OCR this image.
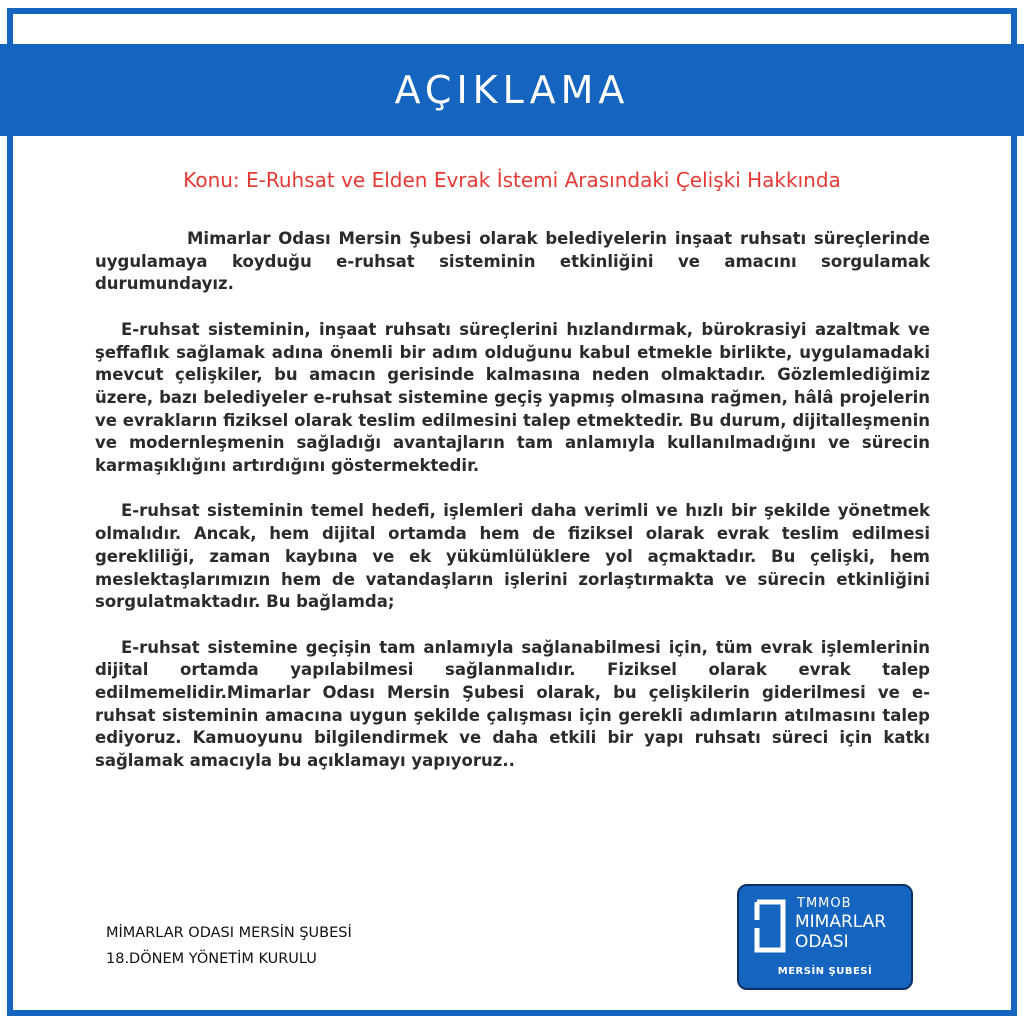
AÇIKLAMA
Konu: E-Ruhsat ve Elden Evrak İstemi Arasındaki Çelişki Hakkında

Mimarlar Odası Mersin Şubesi olarak belediyelerin inşaat ruhsatı süreçlerinde uygulamaya koyduğu e-ruhsat sisteminin etkinliğini ve amacını sorgulamak durumundayız.

E-ruhsat sisteminin, inşaat ruhsatı süreçlerini hızlandırmak, bürokrasiyi azaltmak ve şeffaflık sağlamak adına önemli bir adım olduğunu kabul etmekle birlikte, uygulamadaki mevcut çelişkiler, bu amacın gerisinde kalmasına neden olmaktadır. Gözlemlediğimiz üzere, bazı belediyeler e-ruhsat sistemine geçiş yapmış olmasına rağmen, hâlâ projelerin ve evrakların fiziksel olarak teslim edilmesini talep etmektedir. Bu durum, dijitalleşmenin ve modernleşmenin sağladığı avantajların tam anlamıyla kullanılmadığını ve sürecin karmaşıklığını artırdığını göstermektedir.

E-ruhsat sisteminin temel hedefi, işlemleri daha verimli ve hızlı bir şekilde yönetmek olmalıdır. Ancak, hem dijital ortamda hem de fiziksel olarak evrak teslim edilmesi gerekliliği, zaman kaybına ve ek yükümlülüklere yol açmaktadır. Bu çelişki, hem meslektaşlarımızın hem de vatandaşların işlerini zorlaştırmakta ve sürecin etkinliğini sorgulatmaktadır. Bu bağlamda;

E-ruhsat sistemine geçişin tam anlamıyla sağlanabilmesi için, tüm evrak işlemlerinin dijital ortamda yapılabilmesi sağlanmalıdır. Fiziksel olarak evrak talep edilmemelidir.Mimarlar Odası Mersin Şubesi olarak, bu çelişkilerin giderilmesi ve e-ruhsat sisteminin amacına uygun şekilde çalışması için gerekli adımların atılmasını talep ediyoruz. Kamuoyunu bilgilendirmek ve daha etkili bir yapı ruhsatı süreci için katkı sağlamak amacıyla bu açıklamayı yapıyoruz..

MİMARLAR ODASI MERSİN ŞUBESİ
18.DÖNEM YÖNETİM KURULU
TMMOB
MIMARLAR
ODASI
MERSİN ŞUBESİ
